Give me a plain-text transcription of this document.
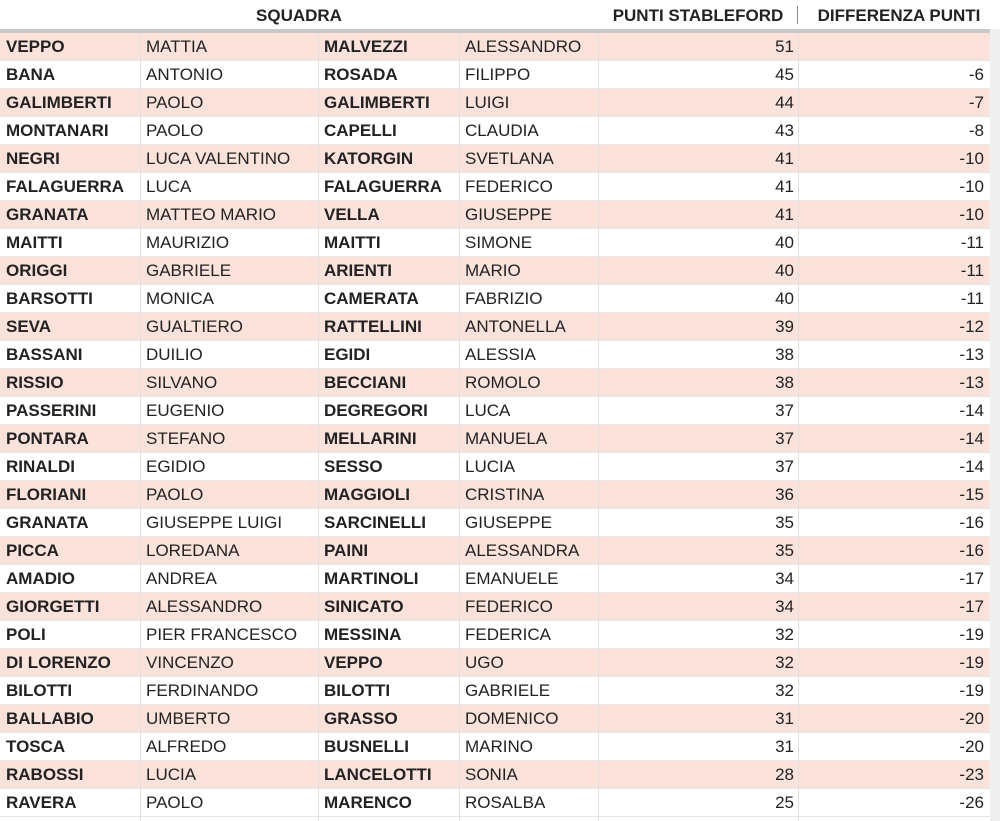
SQUADRA	PUNTI STABLEFORD	DIFFERENZA PUNTI
VEPPO	MATTIA	MALVEZZI	ALESSANDRO	51
BANA	ANTONIO	ROSADA	FILIPPO	45	-6
GALIMBERTI	PAOLO	GALIMBERTI	LUIGI	44	-7
MONTANARI	PAOLO	CAPELLI	CLAUDIA	43	-8
NEGRI	LUCA VALENTINO	KATORGIN	SVETLANA	41	-10
FALAGUERRA	LUCA	FALAGUERRA	FEDERICO	41	-10
GRANATA	MATTEO MARIO	VELLA	GIUSEPPE	41	-10
MAITTI	MAURIZIO	MAITTI	SIMONE	40	-11
ORIGGI	GABRIELE	ARIENTI	MARIO	40	-11
BARSOTTI	MONICA	CAMERATA	FABRIZIO	40	-11
SEVA	GUALTIERO	RATTELLINI	ANTONELLA	39	-12
BASSANI	DUILIO	EGIDI	ALESSIA	38	-13
RISSIO	SILVANO	BECCIANI	ROMOLO	38	-13
PASSERINI	EUGENIO	DEGREGORI	LUCA	37	-14
PONTARA	STEFANO	MELLARINI	MANUELA	37	-14
RINALDI	EGIDIO	SESSO	LUCIA	37	-14
FLORIANI	PAOLO	MAGGIOLI	CRISTINA	36	-15
GRANATA	GIUSEPPE LUIGI	SARCINELLI	GIUSEPPE	35	-16
PICCA	LOREDANA	PAINI	ALESSANDRA	35	-16
AMADIO	ANDREA	MARTINOLI	EMANUELE	34	-17
GIORGETTI	ALESSANDRO	SINICATO	FEDERICO	34	-17
POLI	PIER FRANCESCO	MESSINA	FEDERICA	32	-19
DI LORENZO	VINCENZO	VEPPO	UGO	32	-19
BILOTTI	FERDINANDO	BILOTTI	GABRIELE	32	-19
BALLABIO	UMBERTO	GRASSO	DOMENICO	31	-20
TOSCA	ALFREDO	BUSNELLI	MARINO	31	-20
RABOSSI	LUCIA	LANCELOTTI	SONIA	28	-23
RAVERA	PAOLO	MARENCO	ROSALBA	25	-26
